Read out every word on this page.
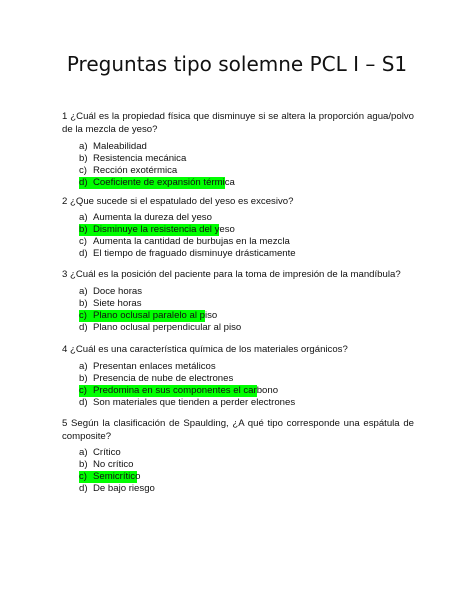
Preguntas tipo solemne PCL I – S1
1 ¿Cuál es la propiedad física que disminuye si se altera la proporción agua/polvo de la mezcla de yeso?
a) Maleabilidad
b) Resistencia mecánica
c) Rección exotérmica
d) Coeficiente de expansión térmica
2 ¿Que sucede si el espatulado del yeso es excesivo?
a) Aumenta la dureza del yeso
b) Disminuye la resistencia del yeso
c) Aumenta la cantidad de burbujas en la mezcla
d) El tiempo de fraguado disminuye drásticamente
3 ¿Cuál es la posición del paciente para la toma de impresión de la mandíbula?
a) Doce horas
b) Siete horas
c) Plano oclusal paralelo al piso
d) Plano oclusal perpendicular al piso
4 ¿Cuál es una característica química de los materiales orgánicos?
a) Presentan enlaces metálicos
b) Presencia de nube de electrones
c) Predomina en sus componentes el carbono
d) Son materiales que tienden a perder electrones
5 Según la clasificación de Spaulding, ¿A qué tipo corresponde una espátula de composite?
a) Crítico
b) No crítico
c) Semicrítico
d) De bajo riesgo
